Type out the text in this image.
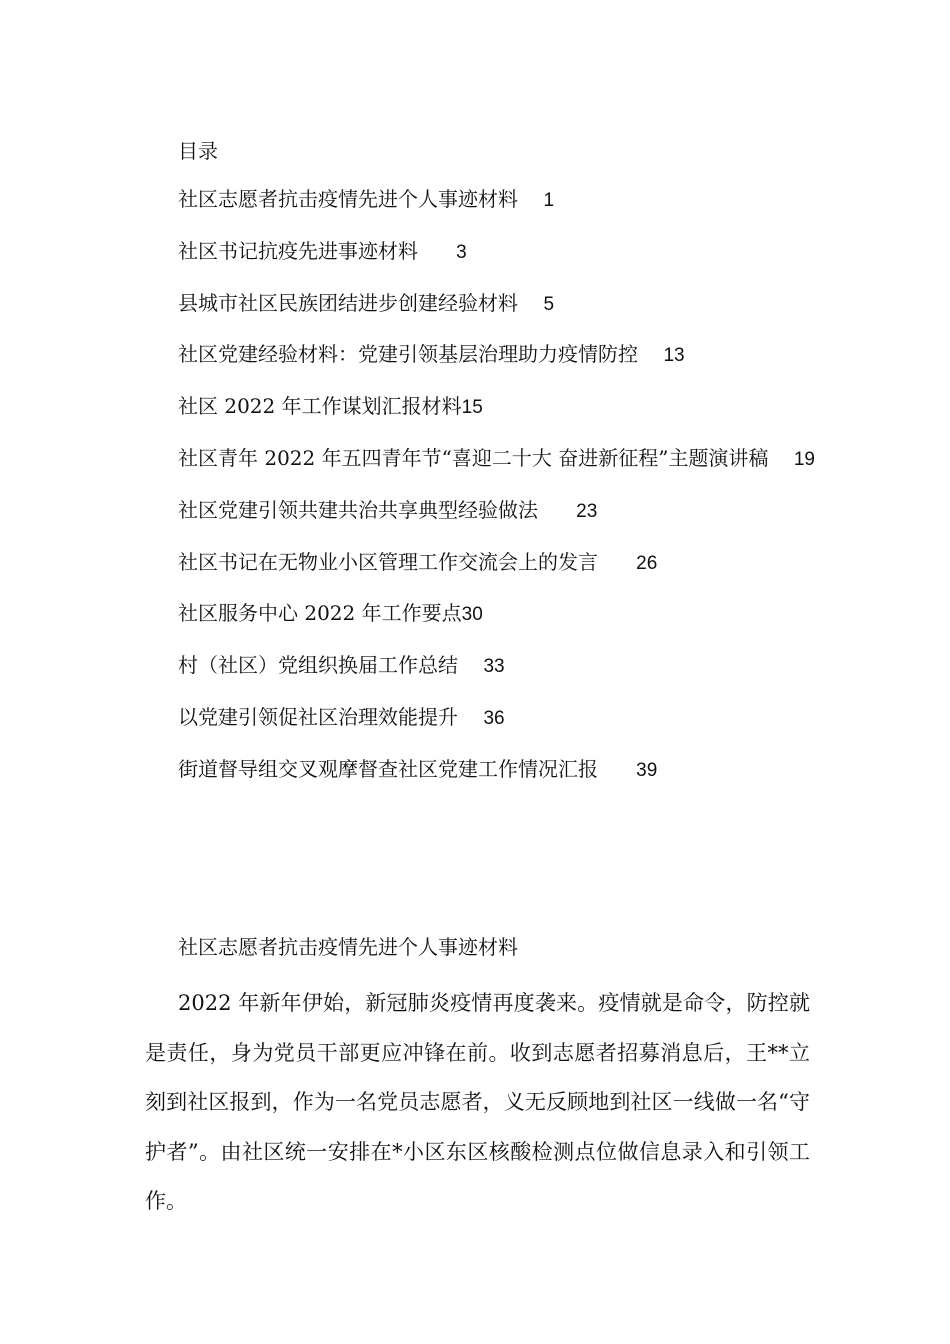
目录
社区志愿者抗击疫情先进个人事迹材料 1
社区书记抗疫先进事迹材料 3
县城市社区民族团结进步创建经验材料 5
社区党建经验材料：党建引领基层治理助力疫情防控 13
社区 2022 年工作谋划汇报材料15
社区青年 2022 年五四青年节“喜迎二十大 奋进新征程”主题演讲稿 19
社区党建引领共建共治共享典型经验做法 23
社区书记在无物业小区管理工作交流会上的发言 26
社区服务中心 2022 年工作要点30
村（社区）党组织换届工作总结 33
以党建引领促社区治理效能提升 36
街道督导组交叉观摩督查社区党建工作情况汇报 39
社区志愿者抗击疫情先进个人事迹材料

2022 年新年伊始，新冠肺炎疫情再度袭来。疫情就是命令，防控就是责任，身为党员干部更应冲锋在前。收到志愿者招募消息后，王**立刻到社区报到，作为一名党员志愿者，义无反顾地到社区一线做一名“守护者”。由社区统一安排在*小区东区核酸检测点位做信息录入和引领工作。
